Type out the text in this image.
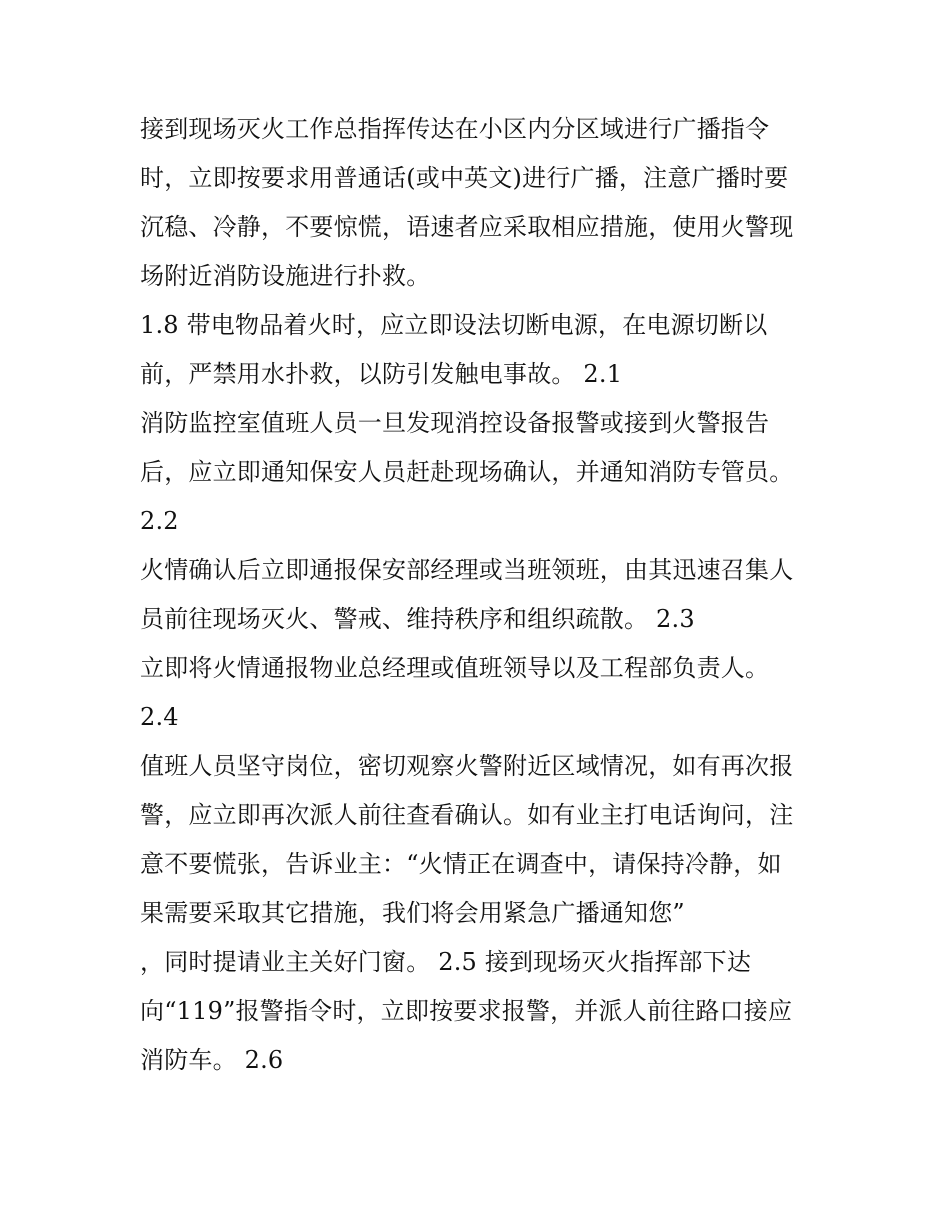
接到现场灭火工作总指挥传达在小区内分区域进行广播指令
时，立即按要求用普通话(或中英文)进行广播，注意广播时要
沉稳、冷静，不要惊慌，语速者应采取相应措施，使用火警现
场附近消防设施进行扑救。
1.8 带电物品着火时，应立即设法切断电源，在电源切断以
前，严禁用水扑救，以防引发触电事故。 2.1
消防监控室值班人员一旦发现消控设备报警或接到火警报告
后，应立即通知保安人员赶赴现场确认，并通知消防专管员。
2.2
火情确认后立即通报保安部经理或当班领班，由其迅速召集人
员前往现场灭火、警戒、维持秩序和组织疏散。 2.3
立即将火情通报物业总经理或值班领导以及工程部负责人。
2.4
值班人员坚守岗位，密切观察火警附近区域情况，如有再次报
警，应立即再次派人前往查看确认。如有业主打电话询问，注
意不要慌张，告诉业主：“火情正在调查中，请保持冷静，如
果需要采取其它措施，我们将会用紧急广播通知您”
，同时提请业主关好门窗。 2.5 接到现场灭火指挥部下达
向“119”报警指令时，立即按要求报警，并派人前往路口接应
消防车。 2.6
